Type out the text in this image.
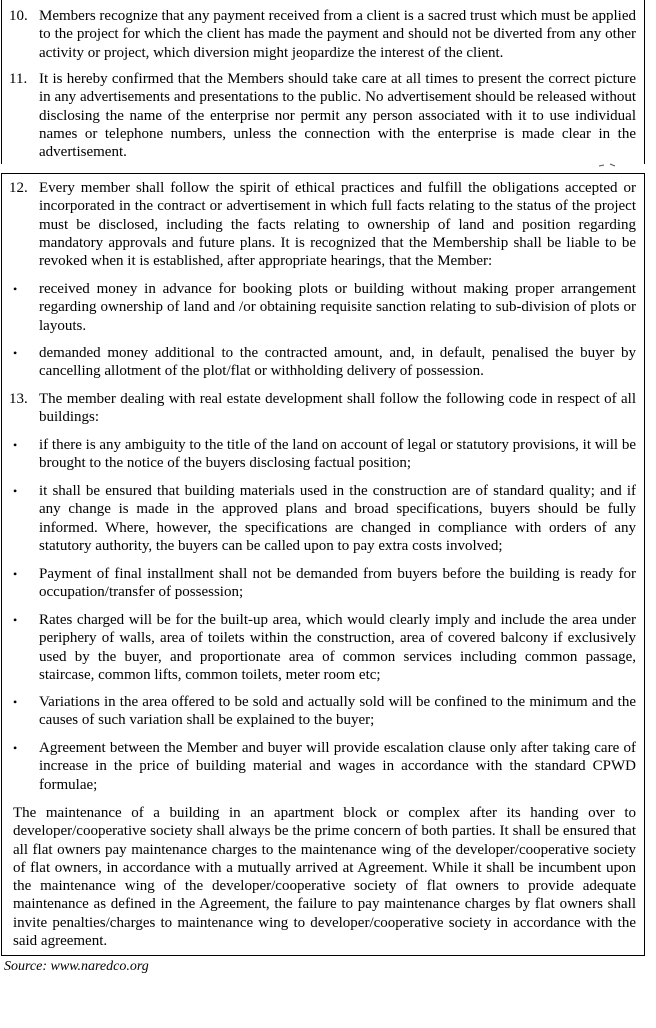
10. Members recognize that any payment received from a client is a sacred trust which must be applied to the project for which the client has made the payment and should not be diverted from any other activity or project, which diversion might jeopardize the interest of the client.
11. It is hereby confirmed that the Members should take care at all times to present the correct picture in any advertisements and presentations to the public. No advertisement should be released without disclosing the name of the enterprise nor permit any person associated with it to use individual names or telephone numbers, unless the connection with the enterprise is made clear in the advertisement.
12. Every member shall follow the spirit of ethical practices and fulfill the obligations accepted or incorporated in the contract or advertisement in which full facts relating to the status of the project must be disclosed, including the facts relating to ownership of land and position regarding mandatory approvals and future plans. It is recognized that the Membership shall be liable to be revoked when it is established, after appropriate hearings, that the Member:
• received money in advance for booking plots or building without making proper arrangement regarding ownership of land and /or obtaining requisite sanction relating to sub-division of plots or layouts.
• demanded money additional to the contracted amount, and, in default, penalised the buyer by cancelling allotment of the plot/flat or withholding delivery of possession.
13. The member dealing with real estate development shall follow the following code in respect of all buildings:
• if there is any ambiguity to the title of the land on account of legal or statutory provisions, it will be brought to the notice of the buyers disclosing factual position;
• it shall be ensured that building materials used in the construction are of standard quality; and if any change is made in the approved plans and broad specifications, buyers should be fully informed. Where, however, the specifications are changed in compliance with orders of any statutory authority, the buyers can be called upon to pay extra costs involved;
• Payment of final installment shall not be demanded from buyers before the building is ready for occupation/transfer of possession;
• Rates charged will be for the built-up area, which would clearly imply and include the area under periphery of walls, area of toilets within the construction, area of covered balcony if exclusively used by the buyer, and proportionate area of common services including common passage, staircase, common lifts, common toilets, meter room etc;
• Variations in the area offered to be sold and actually sold will be confined to the minimum and the causes of such variation shall be explained to the buyer;
• Agreement between the Member and buyer will provide escalation clause only after taking care of increase in the price of building material and wages in accordance with the standard CPWD formulae;
The maintenance of a building in an apartment block or complex after its handing over to developer/cooperative society shall always be the prime concern of both parties. It shall be ensured that all flat owners pay maintenance charges to the maintenance wing of the developer/cooperative society of flat owners, in accordance with a mutually arrived at Agreement. While it shall be incumbent upon the maintenance wing of the developer/cooperative society of flat owners to provide adequate maintenance as defined in the Agreement, the failure to pay maintenance charges by flat owners shall invite penalties/charges to maintenance wing to developer/cooperative society in accordance with the said agreement.
Source: www.naredco.org
